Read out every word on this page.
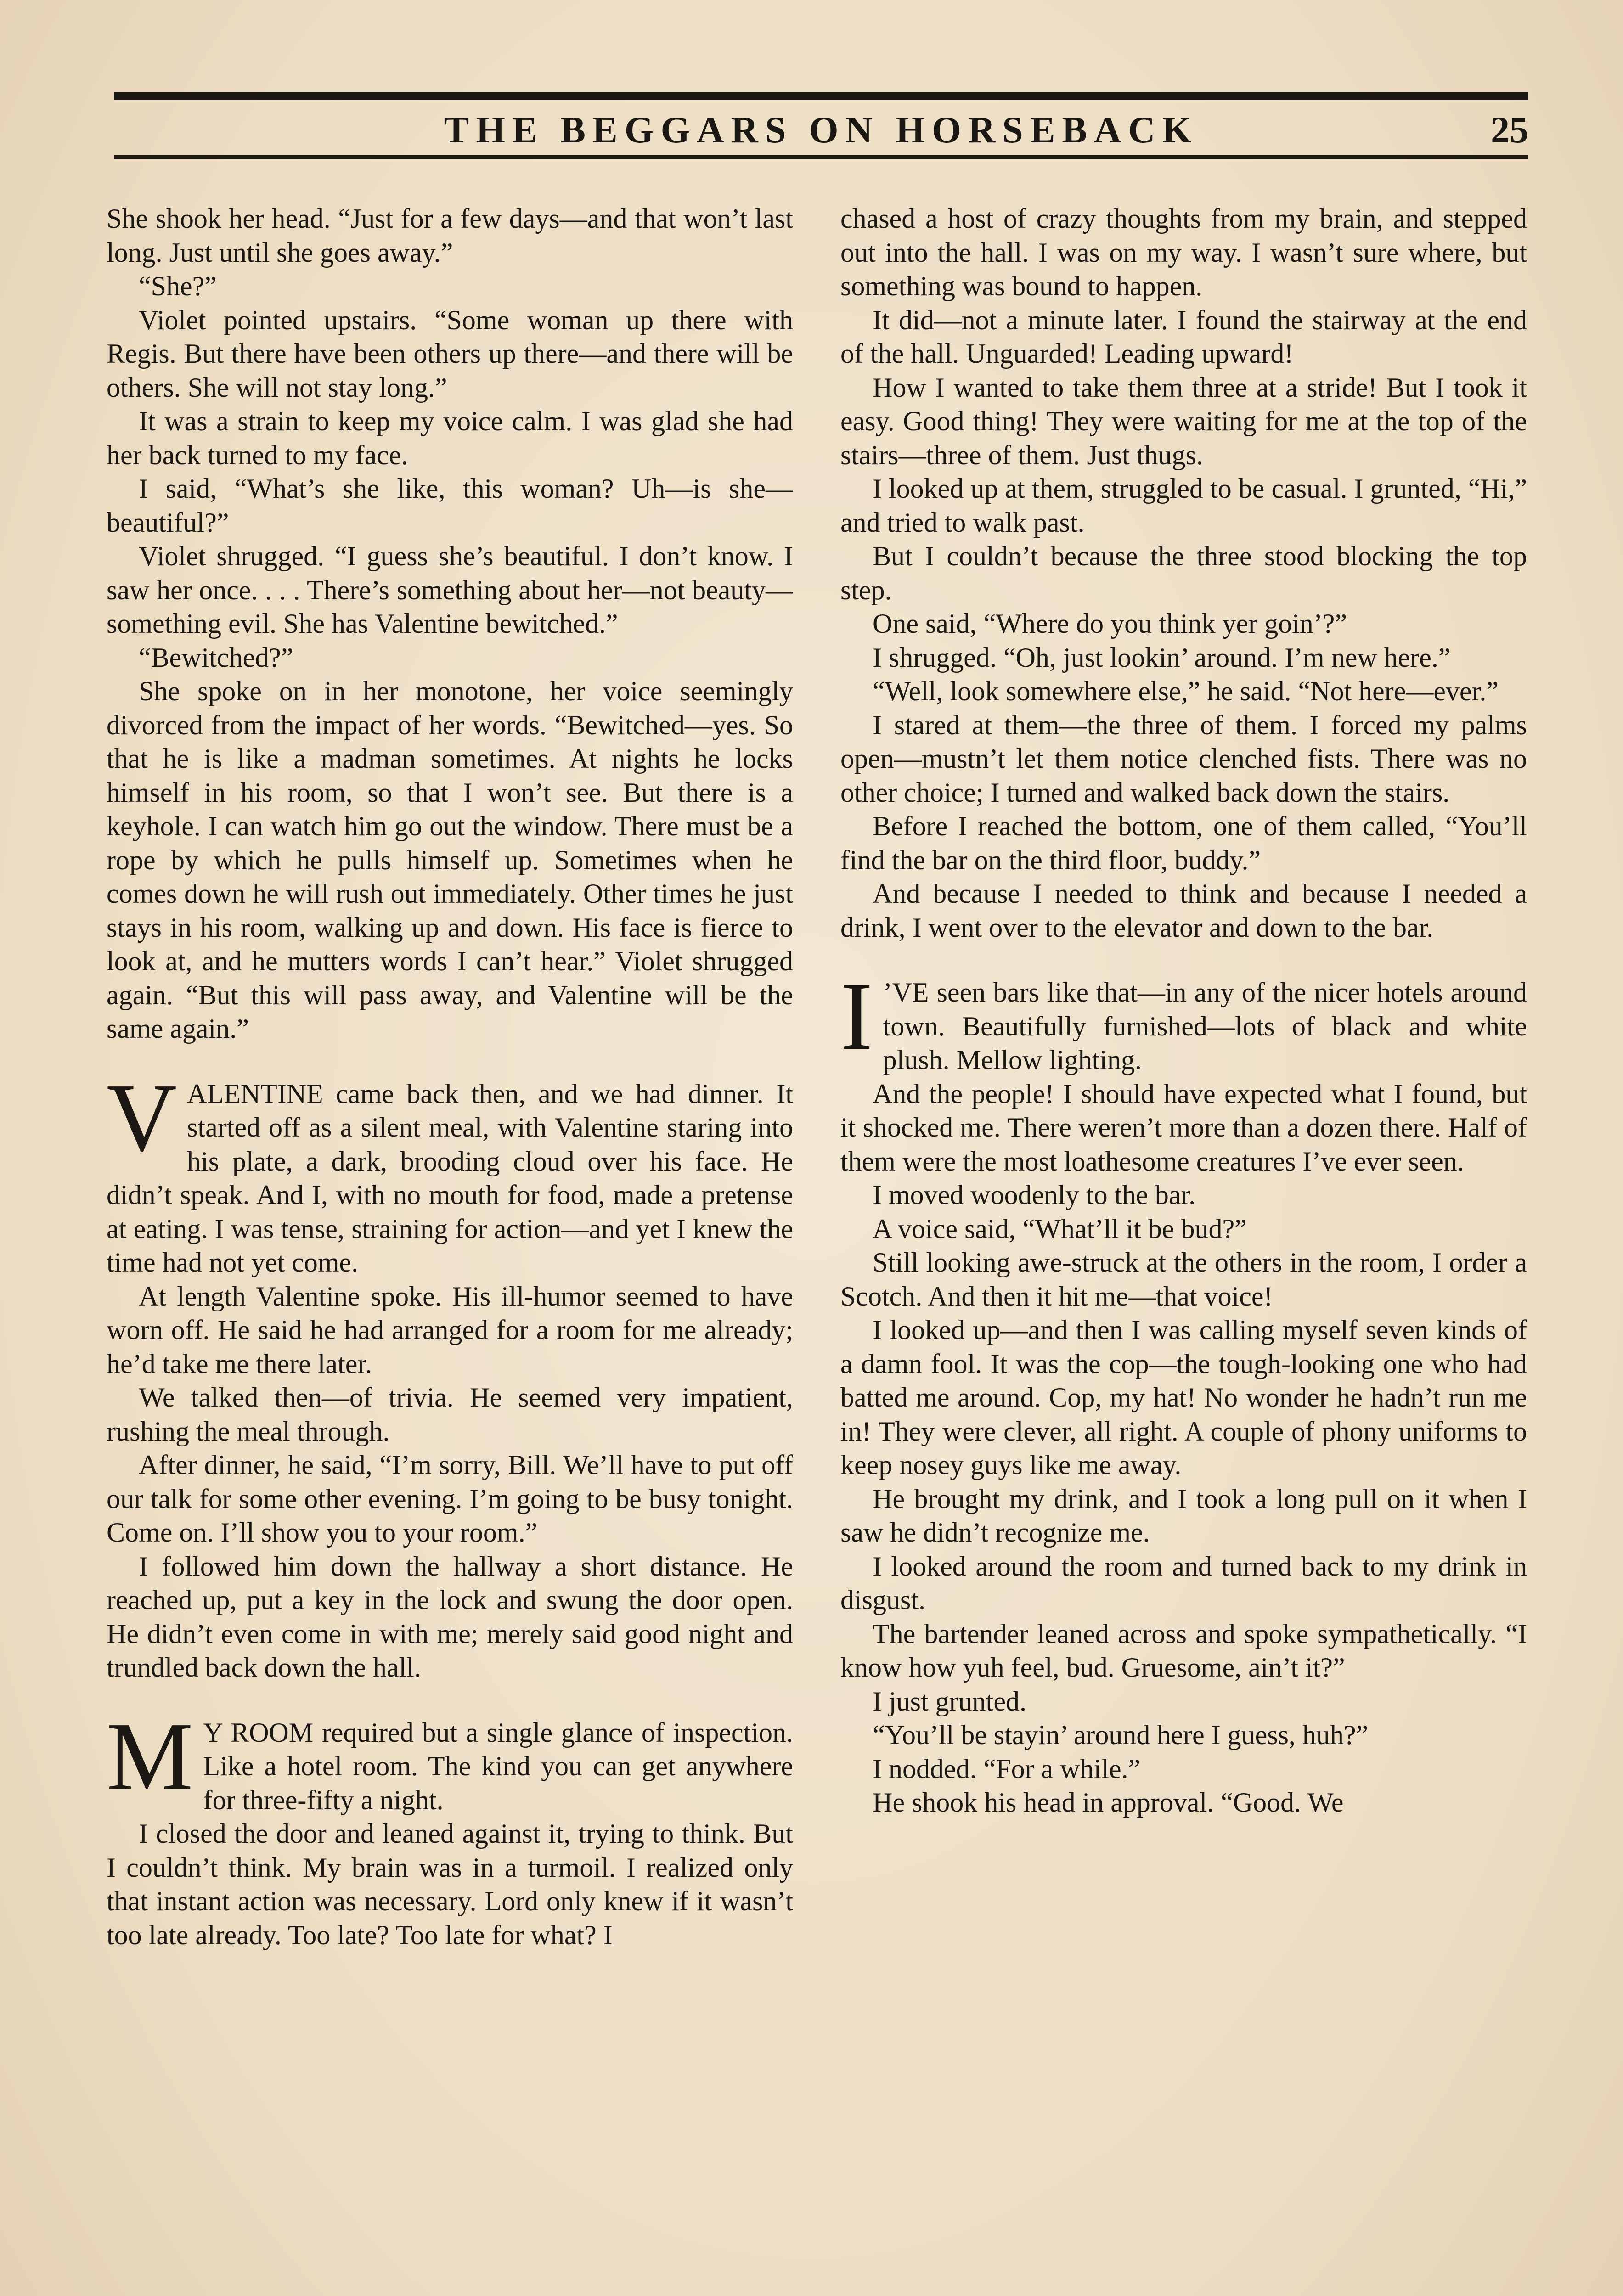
THE BEGGARS ON HORSEBACK	25

She shook her head. “Just for a few days—and that won’t last long. Just until she goes away.”

“She?”

Violet pointed upstairs. “Some woman up there with Regis. But there have been others up there—and there will be others. She will not stay long.”

It was a strain to keep my voice calm. I was glad she had her back turned to my face.

I said, “What’s she like, this woman? Uh—is she—beautiful?”

Violet shrugged. “I guess she’s beautiful. I don’t know. I saw her once. . . . There’s something about her—not beauty—something evil. She has Valentine bewitched.”

“Bewitched?”

She spoke on in her monotone, her voice seemingly divorced from the impact of her words. “Bewitched—yes. So that he is like a madman sometimes. At nights he locks himself in his room, so that I won’t see. But there is a keyhole. I can watch him go out the window. There must be a rope by which he pulls himself up. Sometimes when he comes down he will rush out immediately. Other times he just stays in his room, walking up and down. His face is fierce to look at, and he mutters words I can’t hear.” Violet shrugged again. “But this will pass away, and Valentine will be the same again.”

VALENTINE came back then, and we had dinner. It started off as a silent meal, with Valentine staring into his plate, a dark, brooding cloud over his face. He didn’t speak. And I, with no mouth for food, made a pretense at eating. I was tense, straining for action—and yet I knew the time had not yet come.

At length Valentine spoke. His ill-humor seemed to have worn off. He said he had arranged for a room for me already; he’d take me there later.

We talked then—of trivia. He seemed very impatient, rushing the meal through.

After dinner, he said, “I’m sorry, Bill. We’ll have to put off our talk for some other evening. I’m going to be busy tonight. Come on. I’ll show you to your room.”

I followed him down the hallway a short distance. He reached up, put a key in the lock and swung the door open. He didn’t even come in with me; merely said good night and trundled back down the hall.

M Y ROOM required but a single glance of inspection. Like a hotel room. The kind you can get anywhere for three-fifty a night.

I closed the door and leaned against it, trying to think. But I couldn’t think. My brain was in a turmoil. I realized only that instant action was necessary. Lord only knew if it wasn’t too late already. Too late? Too late for what? I

chased a host of crazy thoughts from my brain, and stepped out into the hall. I was on my way. I wasn’t sure where, but something was bound to happen.

It did—not a minute later. I found the stairway at the end of the hall. Unguarded! Leading upward!

How I wanted to take them three at a stride! But I took it easy. Good thing! They were waiting for me at the top of the stairs—three of them. Just thugs.

I looked up at them, struggled to be casual. I grunted, “Hi,” and tried to walk past.

But I couldn’t because the three stood blocking the top step.

One said, “Where do you think yer goin’?”

I shrugged. “Oh, just lookin’ around. I’m new here.”

“Well, look somewhere else,” he said. “Not here—ever.”

I stared at them—the three of them. I forced my palms open—mustn’t let them notice clenched fists. There was no other choice; I turned and walked back down the stairs.

Before I reached the bottom, one of them called, “You’ll find the bar on the third floor, buddy.”

And because I needed to think and because I needed a drink, I went over to the elevator and down to the bar.

I ’VE seen bars like that—in any of the nicer hotels around town. Beautifully furnished—lots of black and white plush. Mellow lighting.

And the people! I should have expected what I found, but it shocked me. There weren’t more than a dozen there. Half of them were the most loathesome creatures I’ve ever seen.

I moved woodenly to the bar.

A voice said, “What’ll it be bud?”

Still looking awe-struck at the others in the room, I order a Scotch. And then it hit me—that voice!

I looked up—and then I was calling myself seven kinds of a damn fool. It was the cop—the tough-looking one who had batted me around. Cop, my hat! No wonder he hadn’t run me in! They were clever, all right. A couple of phony uniforms to keep nosey guys like me away.

He brought my drink, and I took a long pull on it when I saw he didn’t recognize me.

I looked around the room and turned back to my drink in disgust.

The bartender leaned across and spoke sympathetically. “I know how yuh feel, bud. Gruesome, ain’t it?”

I just grunted.

“You’ll be stayin’ around here I guess, huh?”

I nodded. “For a while.”

He shook his head in approval. “Good. We
